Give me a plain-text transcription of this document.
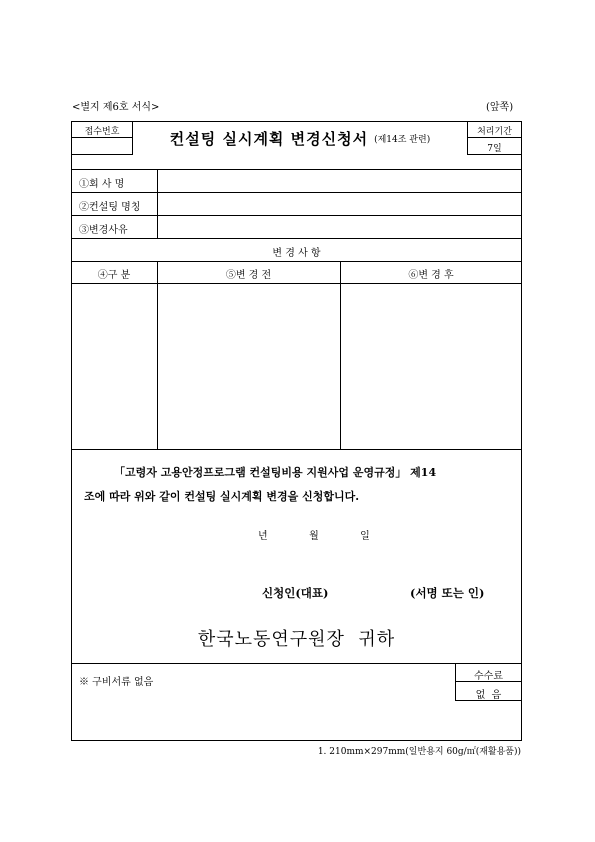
<별지 제6호 서식>	(앞쪽)
접수번호	컨설팅 실시계획 변경신청서 (제14조 관련)
처리기간
7일
①회 사 명
②컨설팅 명칭
③변경사유
변 경 사 항
④구 분	⑤변 경 전	⑥변 경 후
「고령자 고용안정프로그램 컨설팅비용 지원사업 운영규정」 제14
조에 따라 위와 같이 컨설팅 실시계획 변경을 신청합니다.
년        월        일
신청인(대표)	(서명 또는 인)
한국노동연구원장  귀하
※ 구비서류 없음
수수료
없  음
1. 210mm×297mm(일반용지 60g/㎡(재활용품))
